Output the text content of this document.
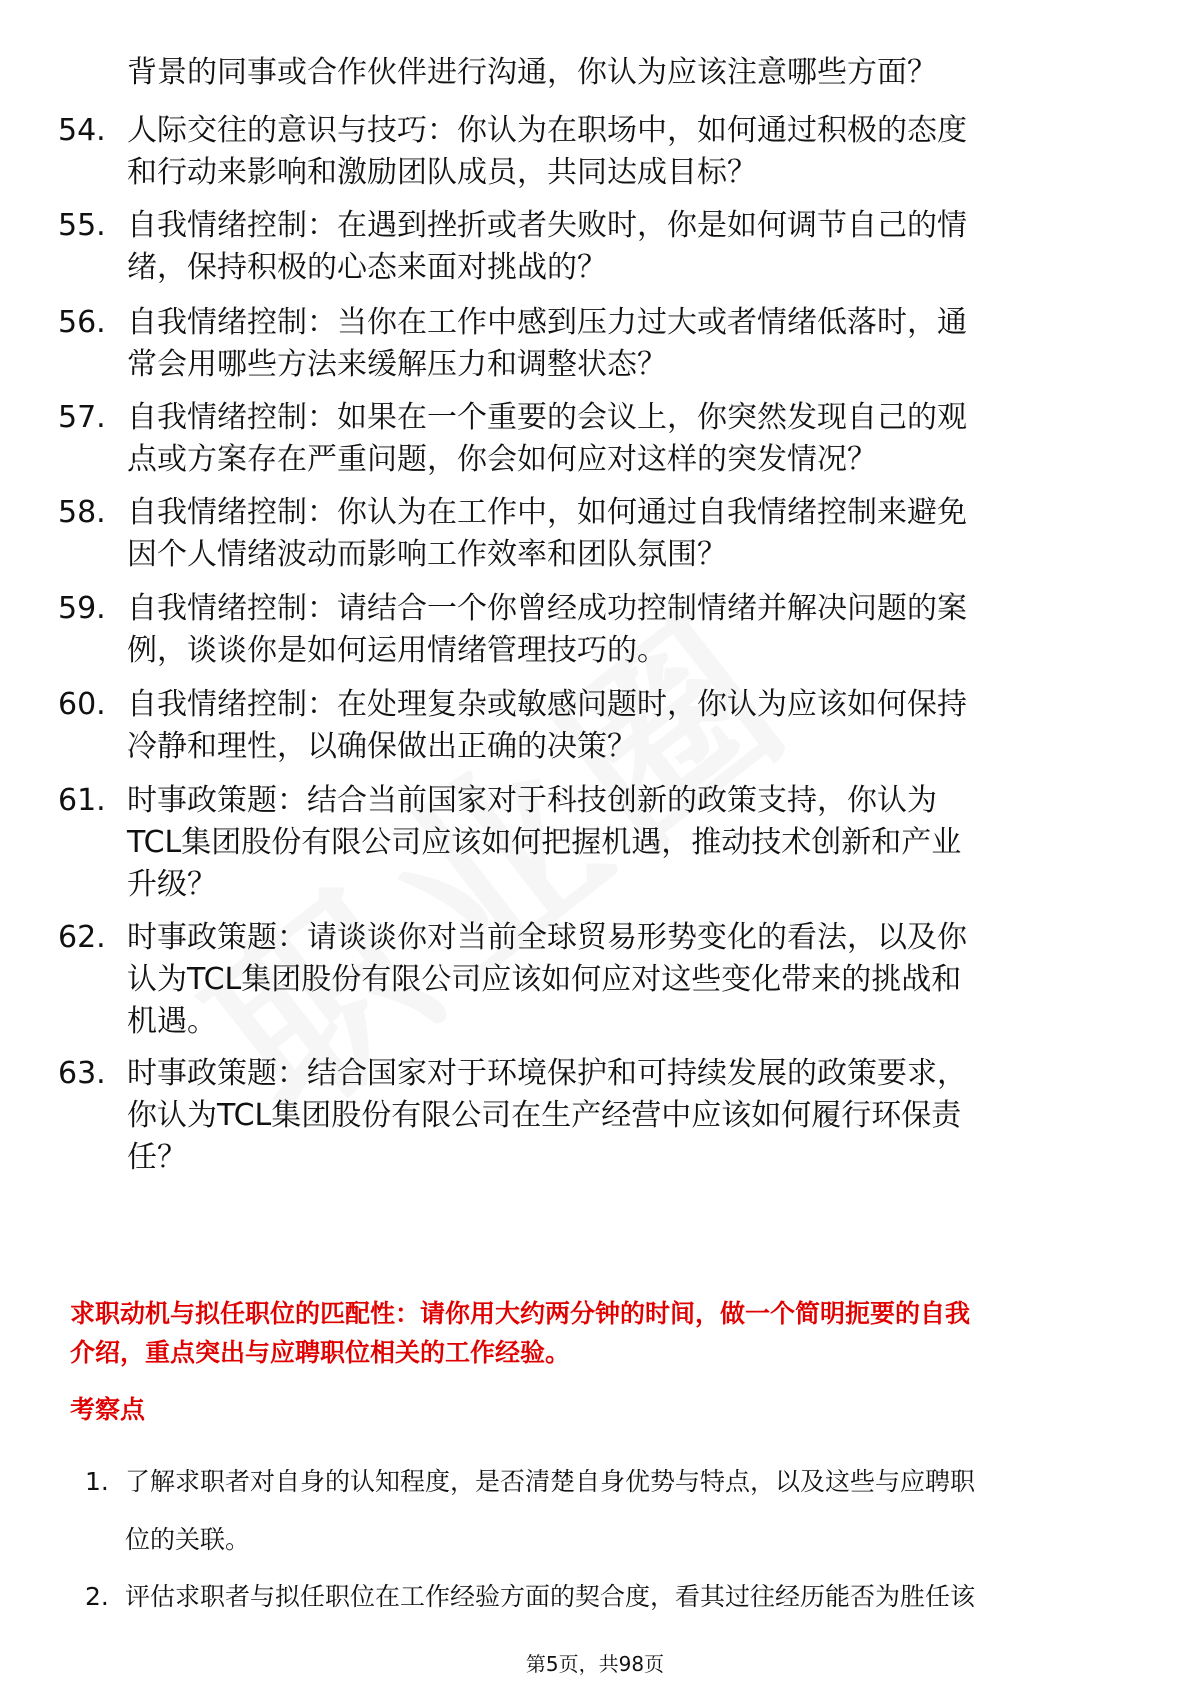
背景的同事或合作伙伴进行沟通，你认为应该注意哪些方面？
54. 人际交往的意识与技巧：你认为在职场中，如何通过积极的态度
和行动来影响和激励团队成员，共同达成目标？
55. 自我情绪控制：在遇到挫折或者失败时，你是如何调节自己的情
绪，保持积极的心态来面对挑战的？
56. 自我情绪控制：当你在工作中感到压力过大或者情绪低落时，通
常会用哪些方法来缓解压力和调整状态？
57. 自我情绪控制：如果在一个重要的会议上，你突然发现自己的观
点或方案存在严重问题，你会如何应对这样的突发情况？
58. 自我情绪控制：你认为在工作中，如何通过自我情绪控制来避免
因个人情绪波动而影响工作效率和团队氛围？
59. 自我情绪控制：请结合一个你曾经成功控制情绪并解决问题的案
例，谈谈你是如何运用情绪管理技巧的。
60. 自我情绪控制：在处理复杂或敏感问题时，你认为应该如何保持
冷静和理性，以确保做出正确的决策？
61. 时事政策题：结合当前国家对于科技创新的政策支持，你认为
TCL集团股份有限公司应该如何把握机遇，推动技术创新和产业
升级？
62. 时事政策题：请谈谈你对当前全球贸易形势变化的看法，以及你
认为TCL集团股份有限公司应该如何应对这些变化带来的挑战和
机遇。
63. 时事政策题：结合国家对于环境保护和可持续发展的政策要求，
你认为TCL集团股份有限公司在生产经营中应该如何履行环保责
任？
求职动机与拟任职位的匹配性：请你用大约两分钟的时间，做一个简明扼要的自我
介绍，重点突出与应聘职位相关的工作经验。
考察点
1. 了解求职者对自身的认知程度，是否清楚自身优势与特点，以及这些与应聘职
位的关联。
2. 评估求职者与拟任职位在工作经验方面的契合度，看其过往经历能否为胜任该
第5页，共98页
